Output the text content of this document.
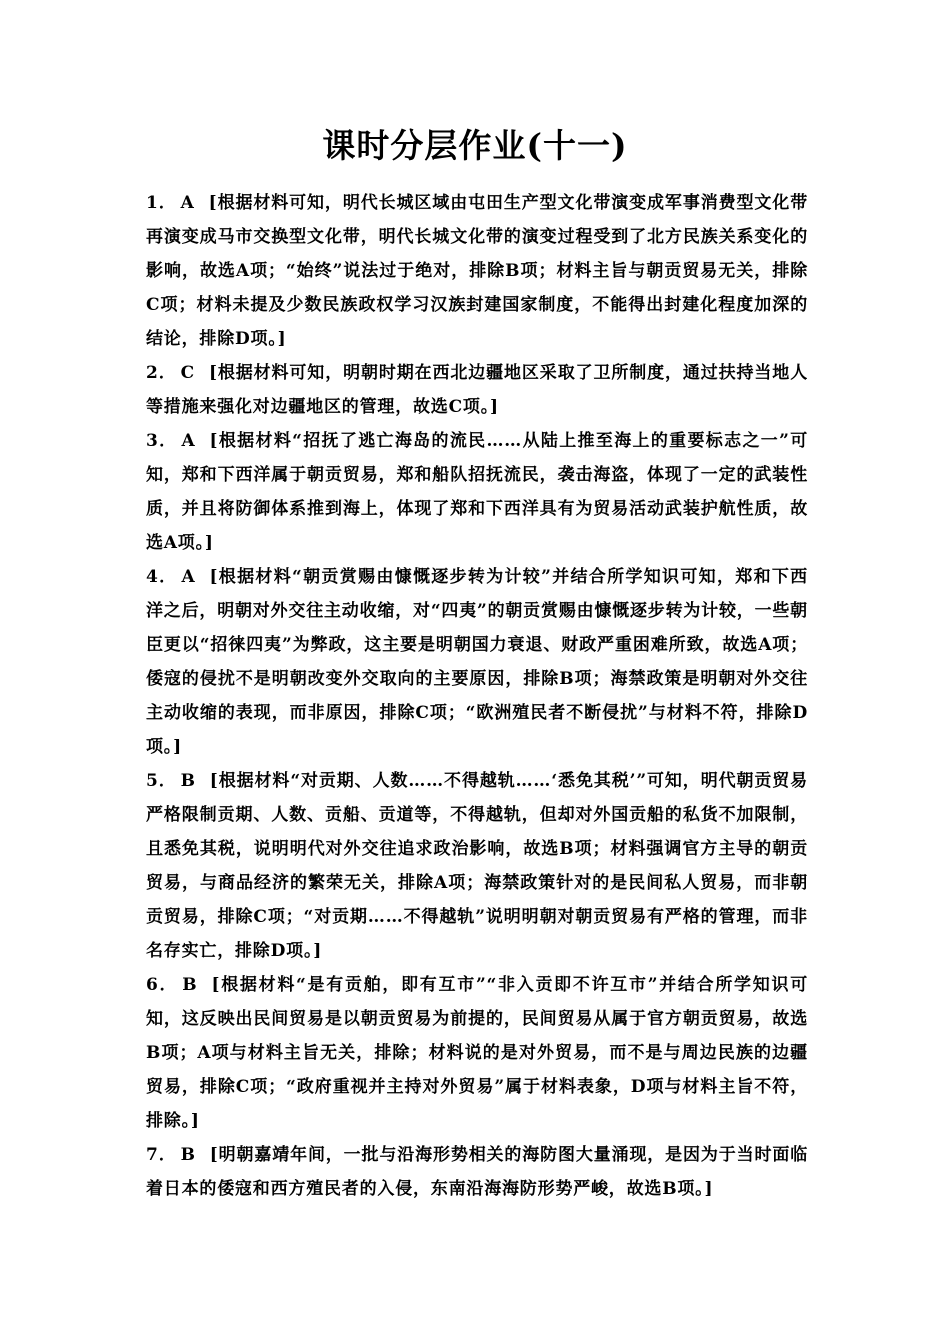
课时分层作业(十一)

1． A [根据材料可知，明代长城区域由屯田生产型文化带演变成军事消费型文化带再演变成马市交换型文化带，明代长城文化带的演变过程受到了北方民族关系变化的影响，故选A项；“始终”说法过于绝对，排除B项；材料主旨与朝贡贸易无关，排除C项；材料未提及少数民族政权学习汉族封建国家制度，不能得出封建化程度加深的结论，排除D项。]

2． C [根据材料可知，明朝时期在西北边疆地区采取了卫所制度，通过扶持当地人等措施来强化对边疆地区的管理，故选C项。]

3． A [根据材料“招抚了逃亡海岛的流民……从陆上推至海上的重要标志之一”可知，郑和下西洋属于朝贡贸易，郑和船队招抚流民，袭击海盗，体现了一定的武装性质，并且将防御体系推到海上，体现了郑和下西洋具有为贸易活动武装护航性质，故选A项。]

4． A [根据材料“朝贡赏赐由慷慨逐步转为计较”并结合所学知识可知，郑和下西洋之后，明朝对外交往主动收缩，对“四夷”的朝贡赏赐由慷慨逐步转为计较，一些朝臣更以“招徕四夷”为弊政，这主要是明朝国力衰退、财政严重困难所致，故选A项；倭寇的侵扰不是明朝改变外交取向的主要原因，排除B项；海禁政策是明朝对外交往主动收缩的表现，而非原因，排除C项；“欧洲殖民者不断侵扰”与材料不符，排除D项。]

5． B [根据材料“对贡期、人数……不得越轨……‘悉免其税’”可知，明代朝贡贸易严格限制贡期、人数、贡船、贡道等，不得越轨，但却对外国贡船的私货不加限制，且悉免其税，说明明代对外交往追求政治影响，故选B项；材料强调官方主导的朝贡贸易，与商品经济的繁荣无关，排除A项；海禁政策针对的是民间私人贸易，而非朝贡贸易，排除C项；“对贡期……不得越轨”说明明朝对朝贡贸易有严格的管理，而非名存实亡，排除D项。]

6． B [根据材料“是有贡舶，即有互市”“非入贡即不许互市”并结合所学知识可知，这反映出民间贸易是以朝贡贸易为前提的，民间贸易从属于官方朝贡贸易，故选B项；A项与材料主旨无关，排除；材料说的是对外贸易，而不是与周边民族的边疆贸易，排除C项；“政府重视并主持对外贸易”属于材料表象，D项与材料主旨不符，排除。]

7． B [明朝嘉靖年间，一批与沿海形势相关的海防图大量涌现，是因为于当时面临着日本的倭寇和西方殖民者的入侵，东南沿海海防形势严峻，故选B项。]
